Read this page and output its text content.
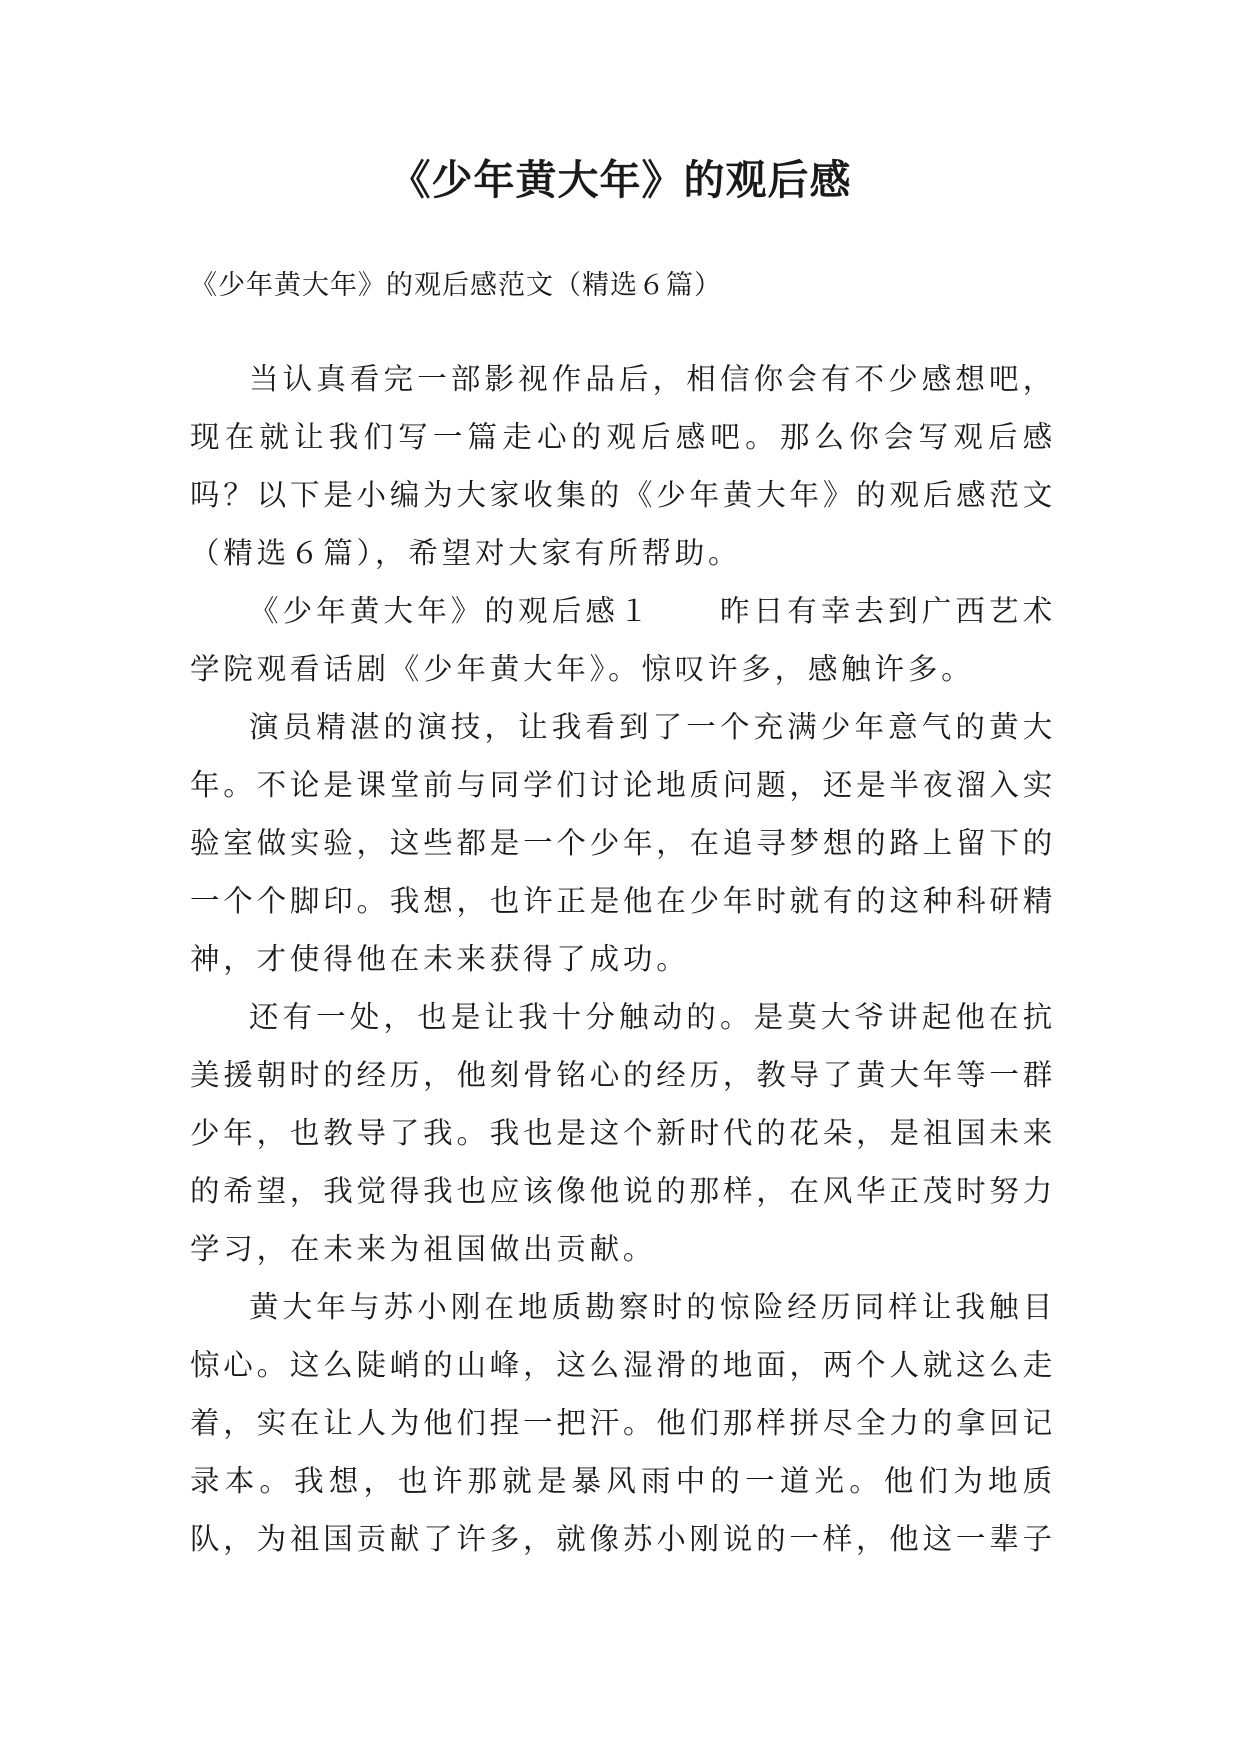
《少年黄大年》的观后感

《少年黄大年》的观后感范文（精选６篇）

当认真看完一部影视作品后，相信你会有不少感想吧，现在就让我们写一篇走心的观后感吧。那么你会写观后感吗？以下是小编为大家收集的《少年黄大年》的观后感范文（精选６篇），希望对大家有所帮助。

《少年黄大年》的观后感１　　昨日有幸去到广西艺术学院观看话剧《少年黄大年》。惊叹许多，感触许多。

演员精湛的演技，让我看到了一个充满少年意气的黄大年。不论是课堂前与同学们讨论地质问题，还是半夜溜入实验室做实验，这些都是一个少年，在追寻梦想的路上留下的一个个脚印。我想，也许正是他在少年时就有的这种科研精神，才使得他在未来获得了成功。

还有一处，也是让我十分触动的。是莫大爷讲起他在抗美援朝时的经历，他刻骨铭心的经历，教导了黄大年等一群少年，也教导了我。我也是这个新时代的花朵，是祖国未来的希望，我觉得我也应该像他说的那样，在风华正茂时努力学习，在未来为祖国做出贡献。

黄大年与苏小刚在地质勘察时的惊险经历同样让我触目惊心。这么陡峭的山峰，这么湿滑的地面，两个人就这么走着，实在让人为他们捏一把汗。他们那样拼尽全力的拿回记录本。我想，也许那就是暴风雨中的一道光。他们为地质队，为祖国贡献了许多，就像苏小刚说的一样，他这一辈子
